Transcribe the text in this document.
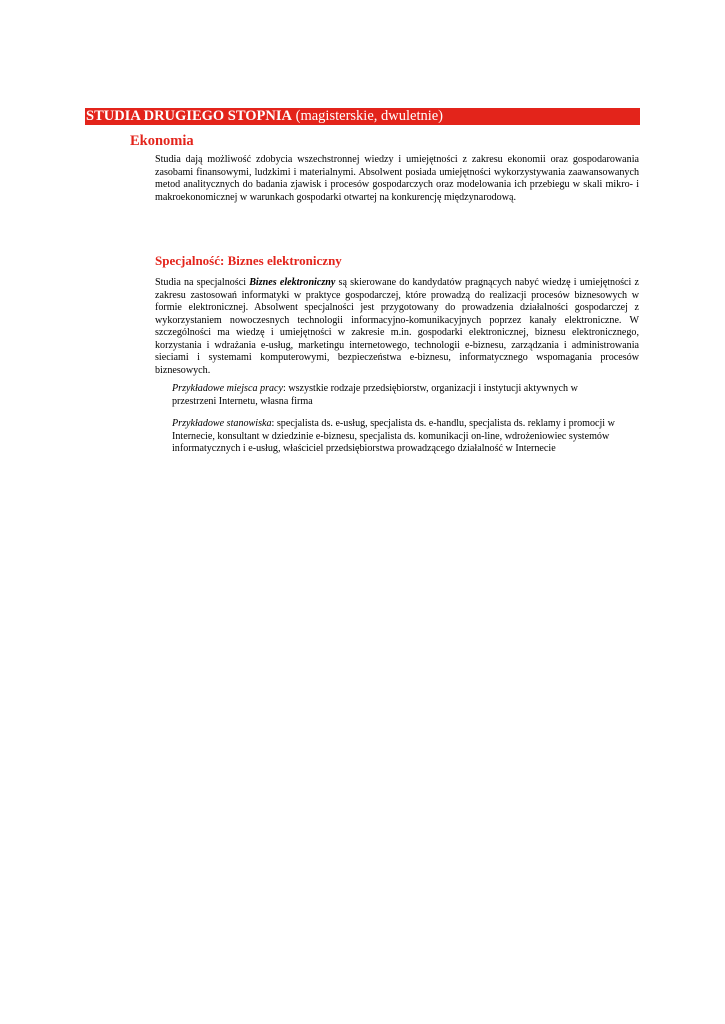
STUDIA DRUGIEGO STOPNIA (magisterskie, dwuletnie)
Ekonomia

Studia dają możliwość zdobycia wszechstronnej wiedzy i umiejętności z zakresu ekonomii oraz gospodarowania zasobami finansowymi, ludzkimi i materialnymi. Absolwent posiada umiejętności wykorzystywania zaawansowanych metod analitycznych do badania zjawisk i procesów gospodarczych oraz modelowania ich przebiegu w skali mikro- i makroekonomicznej w warunkach gospodarki otwartej na konkurencję międzynarodową.

Specjalność: Biznes elektroniczny

Studia na specjalności Biznes elektroniczny są skierowane do kandydatów pragnących nabyć wiedzę i umiejętności z zakresu zastosowań informatyki w praktyce gospodarczej, które prowadzą do realizacji procesów biznesowych w formie elektronicznej. Absolwent specjalności jest przygotowany do prowadzenia działalności gospodarczej z wykorzystaniem nowoczesnych technologii informacyjno-komunikacyjnych poprzez kanały elektroniczne. W szczególności ma wiedzę i umiejętności w zakresie m.in. gospodarki elektronicznej, biznesu elektronicznego, korzystania i wdrażania e-usług, marketingu internetowego, technologii e-biznesu, zarządzania i administrowania sieciami i systemami komputerowymi, bezpieczeństwa e-biznesu, informatycznego wspomagania procesów biznesowych.

Przykładowe miejsca pracy: wszystkie rodzaje przedsiębiorstw, organizacji i instytucji aktywnych w przestrzeni Internetu, własna firma

Przykładowe stanowiska: specjalista ds. e-usług, specjalista ds. e-handlu, specjalista ds. reklamy i promocji w Internecie, konsultant w dziedzinie e-biznesu, specjalista ds. komunikacji on-line, wdrożeniowiec systemów informatycznych i e-usług, właściciel przedsiębiorstwa prowadzącego działalność w Internecie
